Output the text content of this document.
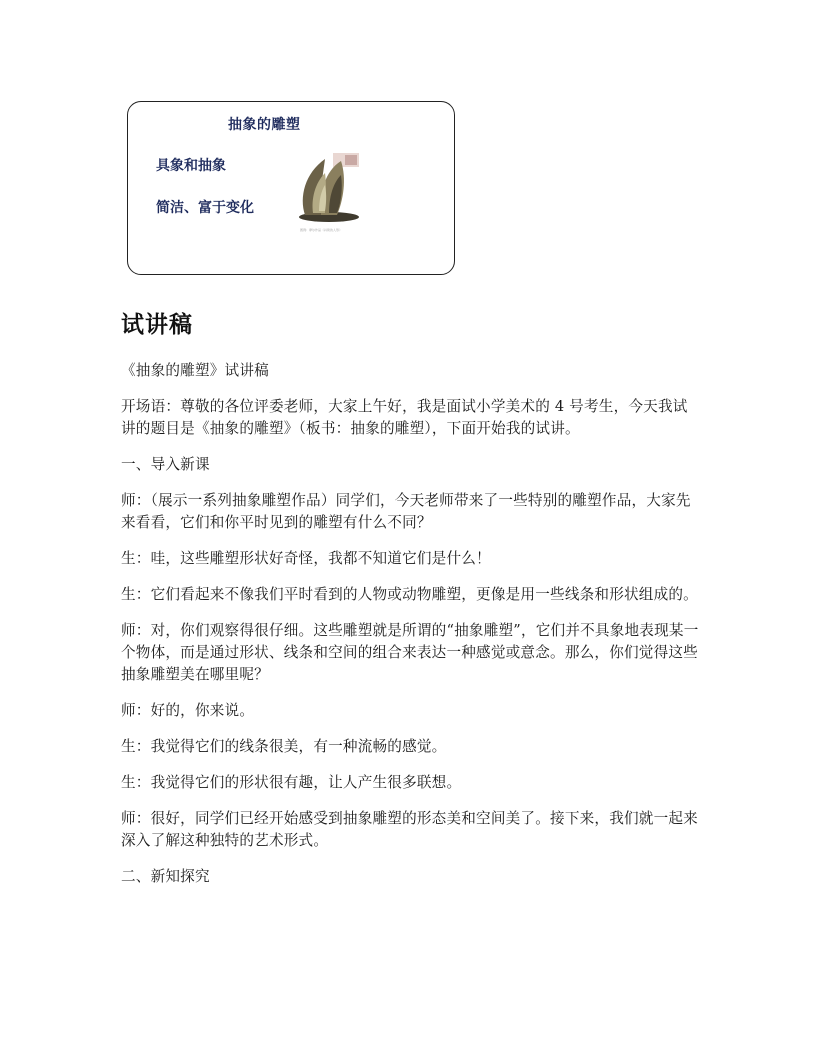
抽象的雕塑
具象和抽象
简洁、富于变化
图例：摩尔作品《斜倚的人形》
试讲稿

《抽象的雕塑》试讲稿

开场语：尊敬的各位评委老师，大家上午好，我是面试小学美术的 4 号考生，今天我试讲的题目是《抽象的雕塑》（板书：抽象的雕塑），下面开始我的试讲。

一、导入新课

师：（展示一系列抽象雕塑作品）同学们，今天老师带来了一些特别的雕塑作品，大家先来看看，它们和你平时见到的雕塑有什么不同？

生：哇，这些雕塑形状好奇怪，我都不知道它们是什么！

生：它们看起来不像我们平时看到的人物或动物雕塑，更像是用一些线条和形状组成的。

师：对，你们观察得很仔细。这些雕塑就是所谓的“抽象雕塑”，它们并不具象地表现某一个物体，而是通过形状、线条和空间的组合来表达一种感觉或意念。那么，你们觉得这些抽象雕塑美在哪里呢？

师：好的，你来说。

生：我觉得它们的线条很美，有一种流畅的感觉。

生：我觉得它们的形状很有趣，让人产生很多联想。

师：很好，同学们已经开始感受到抽象雕塑的形态美和空间美了。接下来，我们就一起来深入了解这种独特的艺术形式。

二、新知探究
